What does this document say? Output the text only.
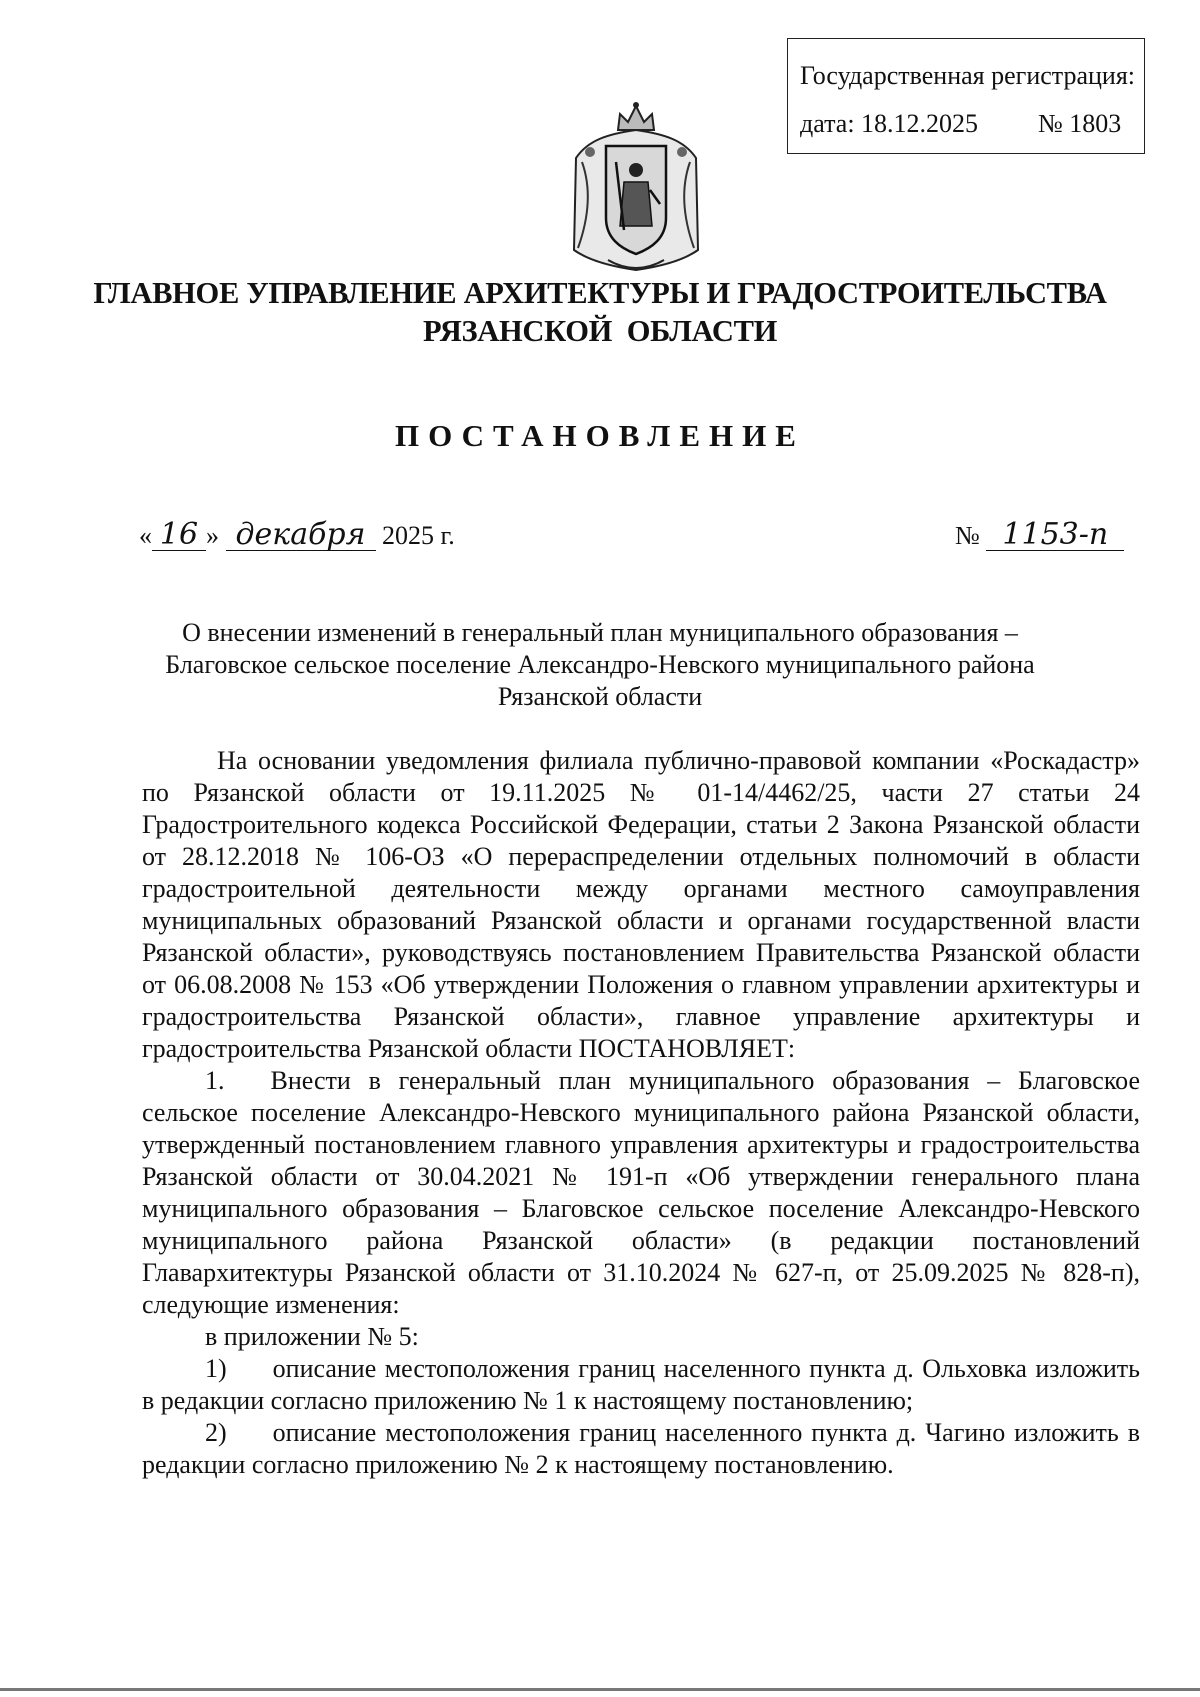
Государственная регистрация:
дата: 18.12.2025 № 1803
ГЛАВНОЕ УПРАВЛЕНИЕ АРХИТЕКТУРЫ И ГРАДОСТРОИТЕЛЬСТВА
РЯЗАНСКОЙ  ОБЛАСТИ
ПОСТАНОВЛЕНИЕ
« 16 » декабря 2025 г.	№ 1153-п
О внесении изменений в генеральный план муниципального образования – Благовское сельское поселение Александро-Невского муниципального района Рязанской области

На основании уведомления филиала публично-правовой компании «Роскадастр» по Рязанской области от 19.11.2025 № 01-14/4462/25, части 27 статьи 24 Градостроительного кодекса Российской Федерации, статьи 2 Закона Рязанской области от 28.12.2018 № 106-ОЗ «О перераспределении отдельных полномочий в области градостроительной деятельности между органами местного самоуправления муниципальных образований Рязанской области и органами государственной власти Рязанской области», руководствуясь постановлением Правительства Рязанской области от 06.08.2008 № 153 «Об утверждении Положения о главном управлении архитектуры и градостроительства Рязанской области», главное управление архитектуры и градостроительства Рязанской области ПОСТАНОВЛЯЕТ:

1. Внести в генеральный план муниципального образования – Благовское сельское поселение Александро-Невского муниципального района Рязанской области, утвержденный постановлением главного управления архитектуры и градостроительства Рязанской области от 30.04.2021 № 191-п «Об утверждении генерального плана муниципального образования – Благовское сельское поселение Александро-Невского муниципального района Рязанской области» (в редакции постановлений Главархитектуры Рязанской области от 31.10.2024 № 627-п, от 25.09.2025 № 828-п), следующие изменения:

в приложении № 5:

1) описание местоположения границ населенного пункта д. Ольховка изложить в редакции согласно приложению № 1 к настоящему постановлению;

2) описание местоположения границ населенного пункта д. Чагино изложить в редакции согласно приложению № 2 к настоящему постановлению.
